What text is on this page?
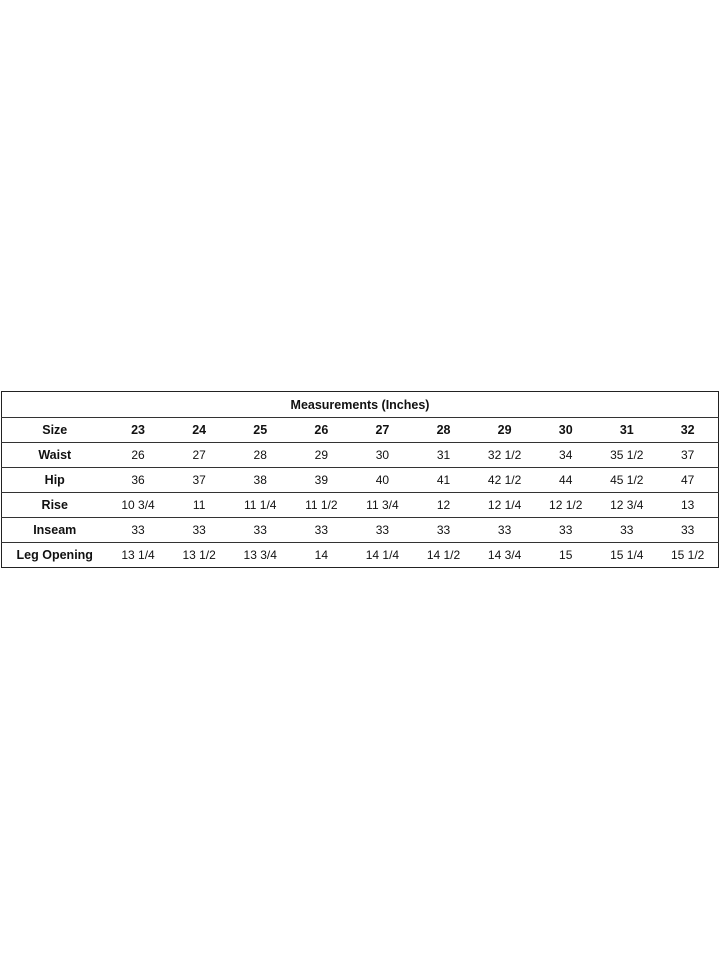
Measurements (Inches)										
Size	23	24	25	26	27	28	29	30	31	32
Waist	26	27	28	29	30	31	32 1/2	34	35 1/2	37
Hip	36	37	38	39	40	41	42 1/2	44	45 1/2	47
Rise	10 3/4	11	11 1/4	11 1/2	11 3/4	12	12 1/4	12 1/2	12 3/4	13
Inseam	33	33	33	33	33	33	33	33	33	33
Leg Opening	13 1/4	13 1/2	13 3/4	14	14 1/4	14 1/2	14 3/4	15	15 1/4	15 1/2
